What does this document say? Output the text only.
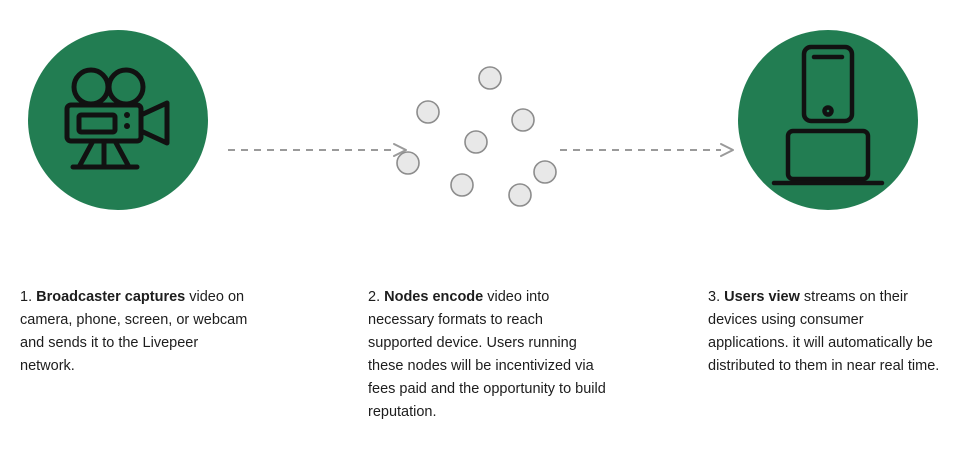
1. Broadcaster captures video on camera, phone, screen, or webcam and sends it to the Livepeer network.
2. Nodes encode video into necessary formats to reach supported device. Users running these nodes will be incentivized via fees paid and the opportunity to build reputation.
3. Users view streams on their devices using consumer applications. it will automatically be distributed to them in near real time.
